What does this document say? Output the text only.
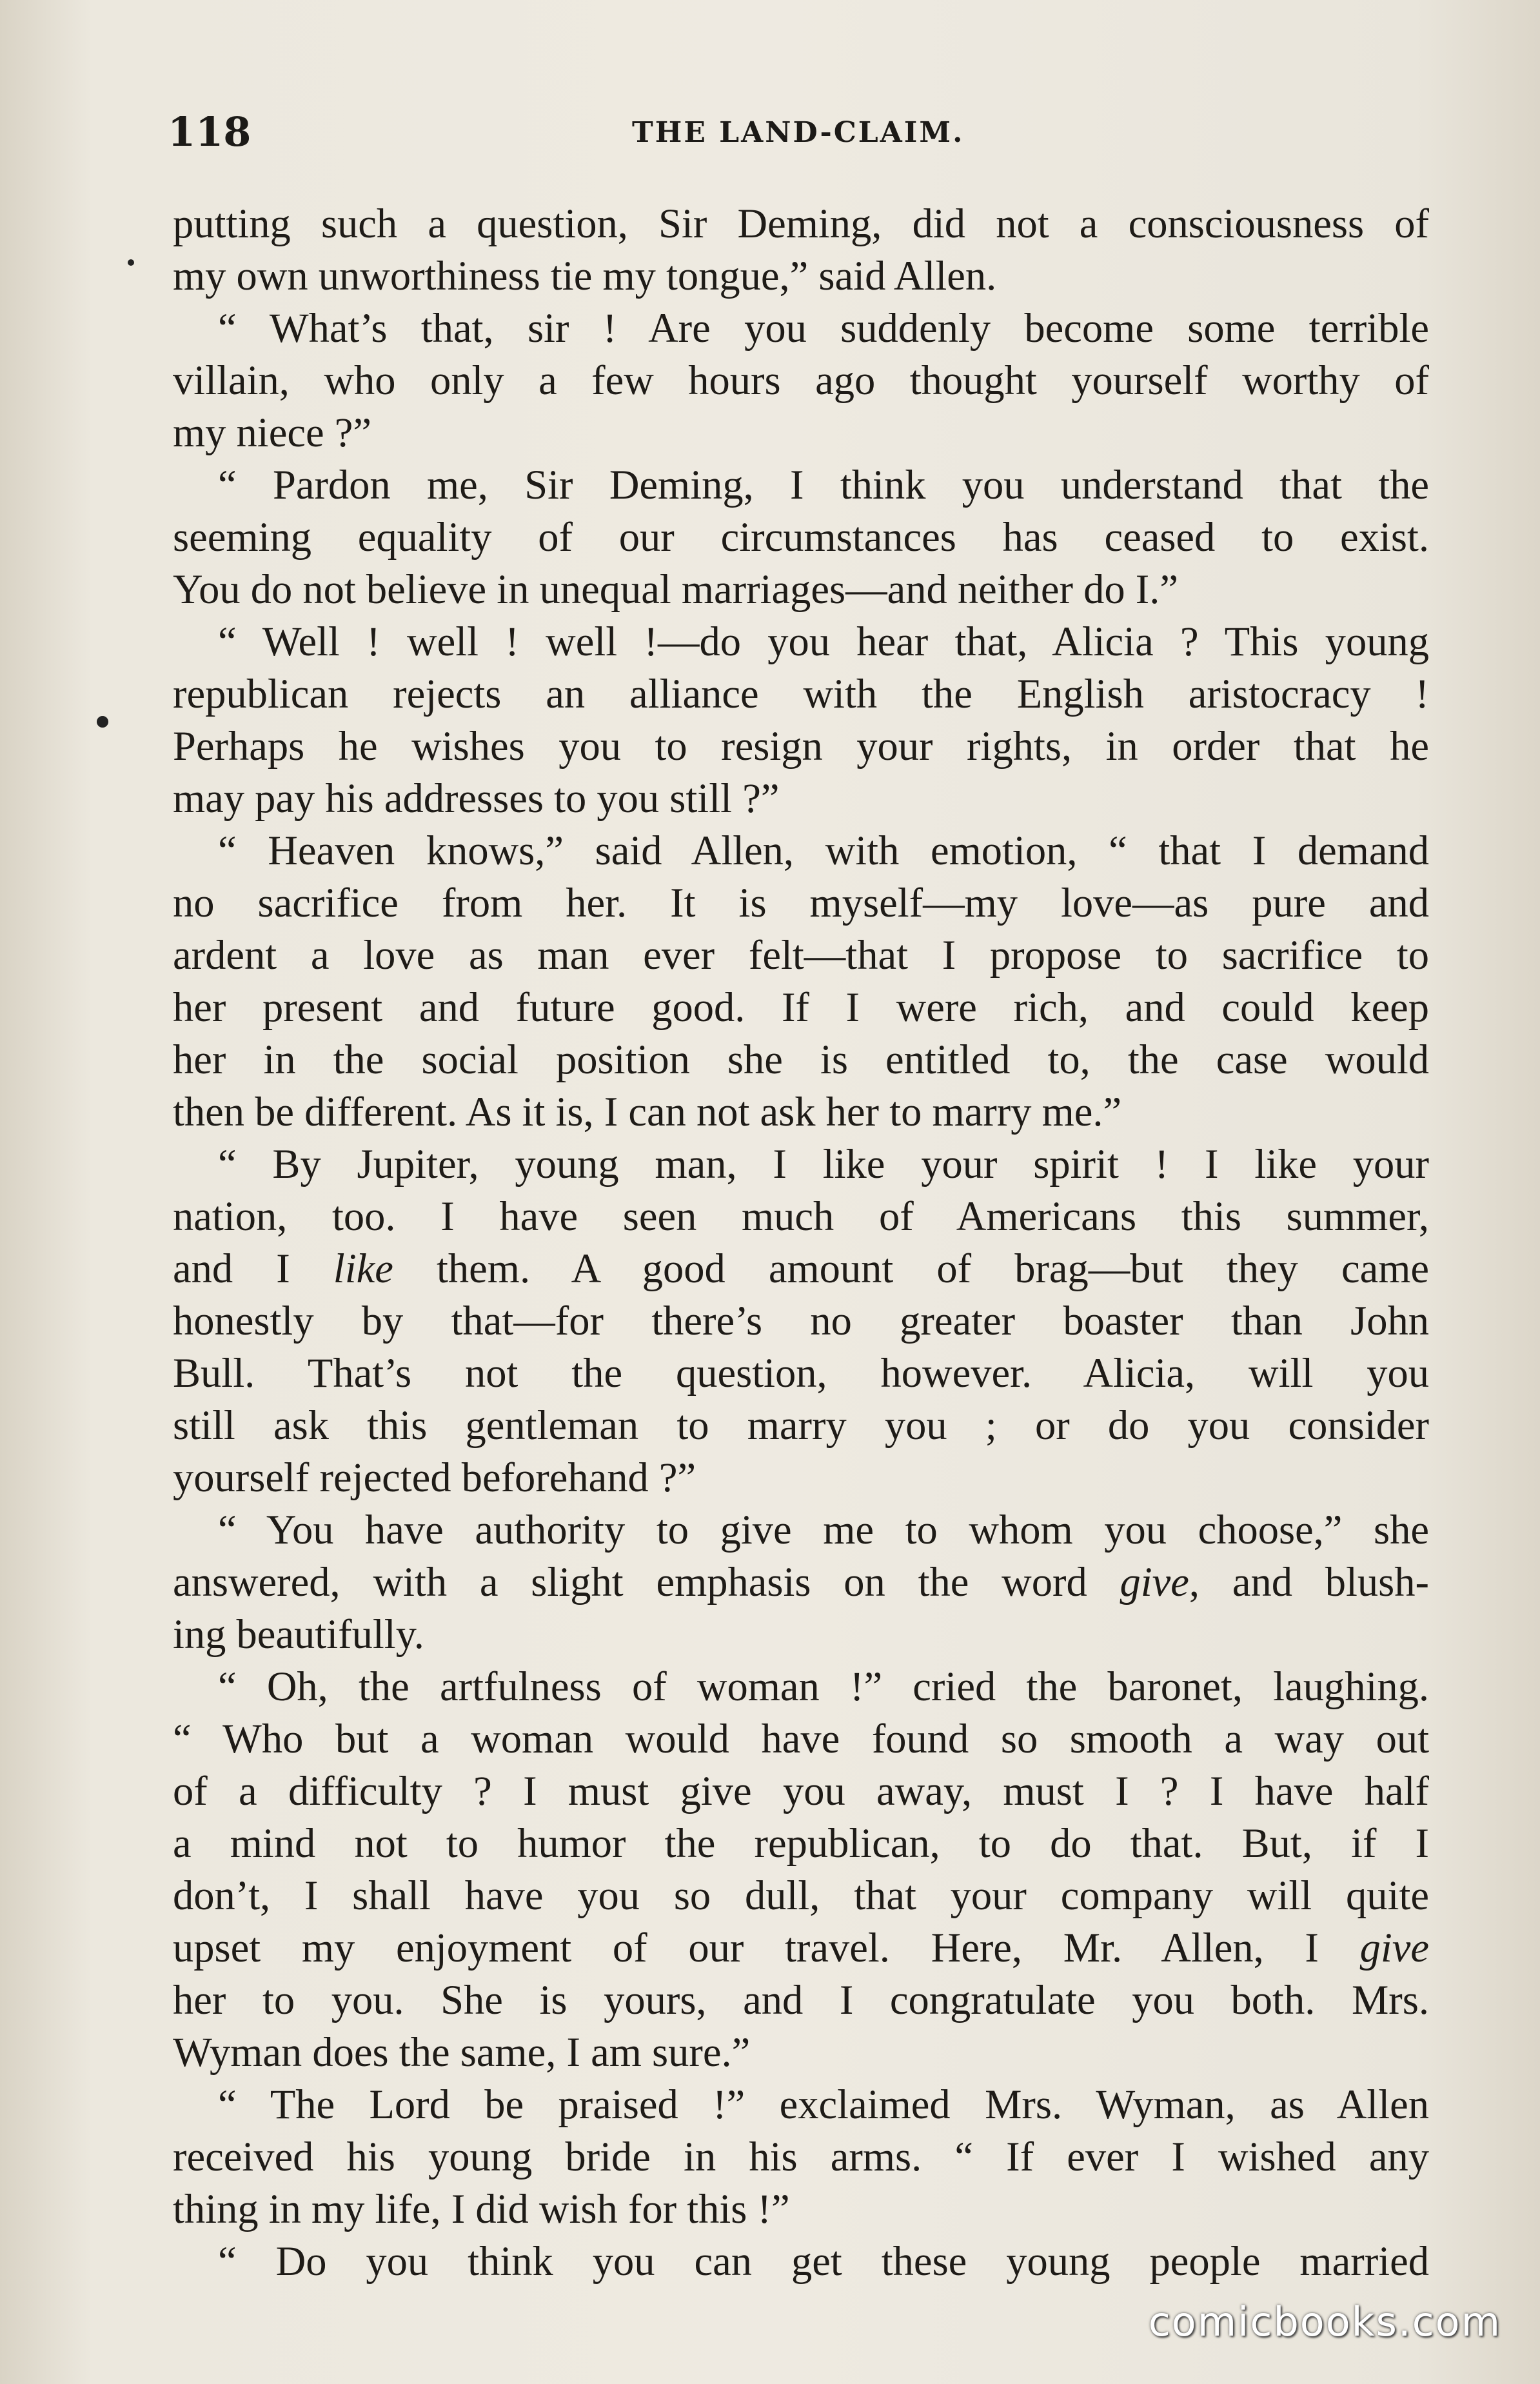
118	THE LAND-CLAIM.
putting such a question, Sir Deming, did not a consciousness of
my own unworthiness tie my tongue,” said Allen.
“ What’s that, sir ! Are you suddenly become some terrible
villain, who only a few hours ago thought yourself worthy of
my niece ?”
“ Pardon me, Sir Deming, I think you understand that the
seeming equality of our circumstances has ceased to exist.
You do not believe in unequal marriages—and neither do I.”
“ Well ! well ! well !—do you hear that, Alicia ? This young
republican rejects an alliance with the English aristocracy !
Perhaps he wishes you to resign your rights, in order that he
may pay his addresses to you still ?”
“ Heaven knows,” said Allen, with emotion, “ that I demand
no sacrifice from her. It is myself—my love—as pure and
ardent a love as man ever felt—that I propose to sacrifice to
her present and future good. If I were rich, and could keep
her in the social position she is entitled to, the case would
then be different. As it is, I can not ask her to marry me.”
“ By Jupiter, young man, I like your spirit ! I like your
nation, too. I have seen much of Americans this summer,
and I like them. A good amount of brag—but they came
honestly by that—for there’s no greater boaster than John
Bull. That’s not the question, however. Alicia, will you
still ask this gentleman to marry you ; or do you consider
yourself rejected beforehand ?”
“ You have authority to give me to whom you choose,” she
answered, with a slight emphasis on the word give, and blush-
ing beautifully.
“ Oh, the artfulness of woman !” cried the baronet, laughing.
“ Who but a woman would have found so smooth a way out
of a difficulty ? I must give you away, must I ? I have half
a mind not to humor the republican, to do that. But, if I
don’t, I shall have you so dull, that your company will quite
upset my enjoyment of our travel. Here, Mr. Allen, I give
her to you. She is yours, and I congratulate you both. Mrs.
Wyman does the same, I am sure.”
“ The Lord be praised !” exclaimed Mrs. Wyman, as Allen
received his young bride in his arms. “ If ever I wished any
thing in my life, I did wish for this !”
“ Do you think you can get these young people married
comicbooks.com
